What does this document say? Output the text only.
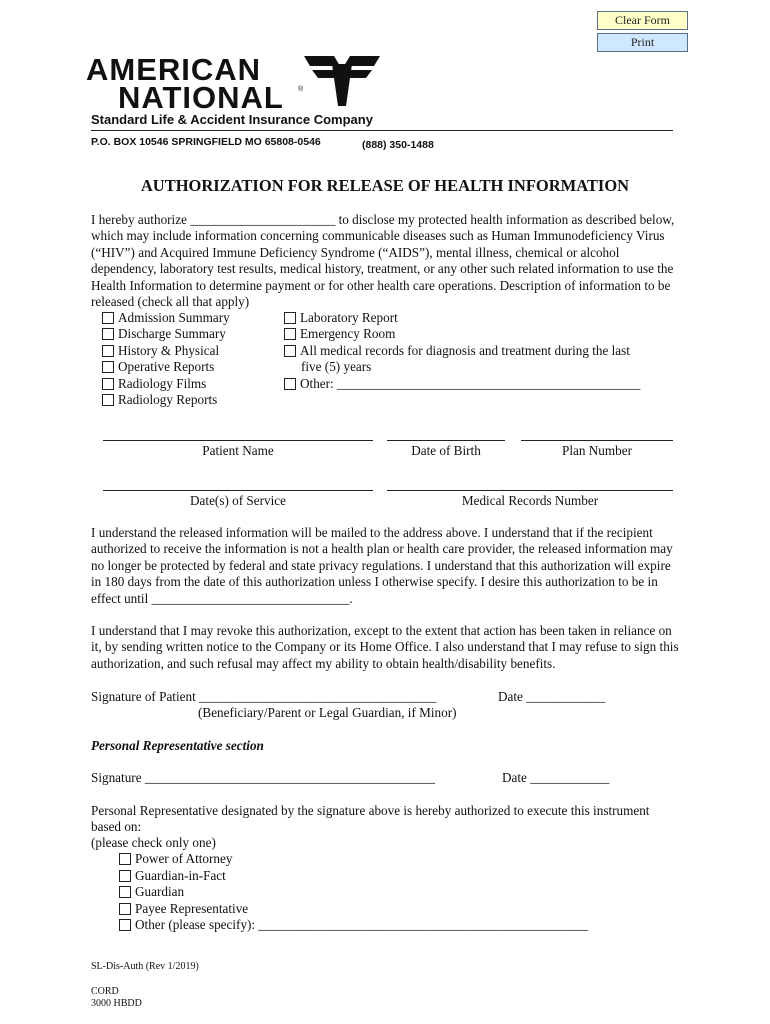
Clear Form
Print
AMERICAN
NATIONAL ®
Standard Life & Accident Insurance Company
P.O. BOX 10546 SPRINGFIELD MO 65808-0546	(888) 350-1488
AUTHORIZATION FOR RELEASE OF HEALTH INFORMATION

I hereby authorize ______________________ to disclose my protected health information as described below, which may include information concerning communicable diseases such as Human Immunodeficiency Virus (“HIV”) and Acquired Immune Deficiency Syndrome (“AIDS”), mental illness, chemical or alcohol dependency, laboratory test results, medical history, treatment, or any other such related information to use the Health Information to determine payment or for other health care operations. Description of information to be released (check all that apply)

Admission Summary
Discharge Summary
History & Physical
Operative Reports
Radiology Films
Radiology Reports
Laboratory Report
Emergency Room
All medical records for diagnosis and treatment during the last
five (5) years
Other: ______________________________________________
Patient Name	Date of Birth	Plan Number
Date(s) of Service	Medical Records Number

I understand the released information will be mailed to the address above. I understand that if the recipient authorized to receive the information is not a health plan or health care provider, the released information may no longer be protected by federal and state privacy regulations. I understand that this authorization will expire in 180 days from the date of this authorization unless I otherwise specify. I desire this authorization to be in effect until ______________________________.

I understand that I may revoke this authorization, except to the extent that action has been taken in reliance on it, by sending written notice to the Company or its Home Office. I also understand that I may refuse to sign this authorization, and such refusal may affect my ability to obtain health/disability benefits.

Signature of Patient ____________________________________	Date ____________
(Beneficiary/Parent or Legal Guardian, if Minor)
Personal Representative section
Signature ____________________________________________	Date ____________

Personal Representative designated by the signature above is hereby authorized to execute this instrument based on:

(please check only one)
Power of Attorney
Guardian-in-Fact
Guardian
Payee Representative
Other (please specify): __________________________________________________
SL-Dis-Auth (Rev 1/2019)
CORD
3000 HBDD
